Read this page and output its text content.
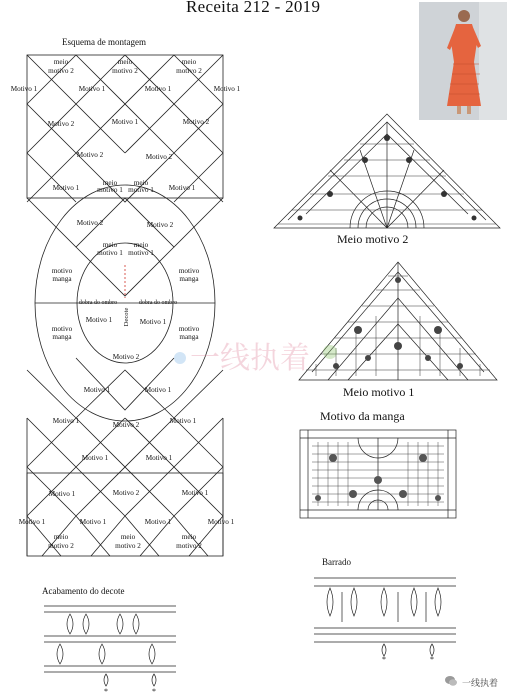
Receita 212 - 2019
Esquema de montagem
meio
motivo 2
meio
motivo 2
meio
motivo 2
Motivo 1	Motivo 1	Motivo 1	Motivo 1
Motivo 2	Motivo 1	Motivo 2
Motivo 2	Motivo 2
Motivo 1
meio
motivo 1
meio
motivo 1 Motivo 1
Motivo 2	Motivo 2
meio
motivo 1
meio
motivo 1
motivo
manga
motivo
manga
dobra do ombro	dobra do ombro
Motivo 1	Motivo 1
motivo
manga
motivo
manga
Motivo 2
Motivo 1	Motivo 1
Motivo 1	Motivo 2	Motivo 1
Motivo 1	Motivo 1
Motivo 1	Motivo 2	Motivo 1
Motivo 1	Motivo 1	Motivo 1	Motivo 1
meio
motivo 2
meio
motivo 2
meio
motivo 2
Decote
Meio motivo 2
Meio motivo 1
Motivo da manga
Barrado
*	*
Acabamento do decote
*	*
一线执着
一线执着
